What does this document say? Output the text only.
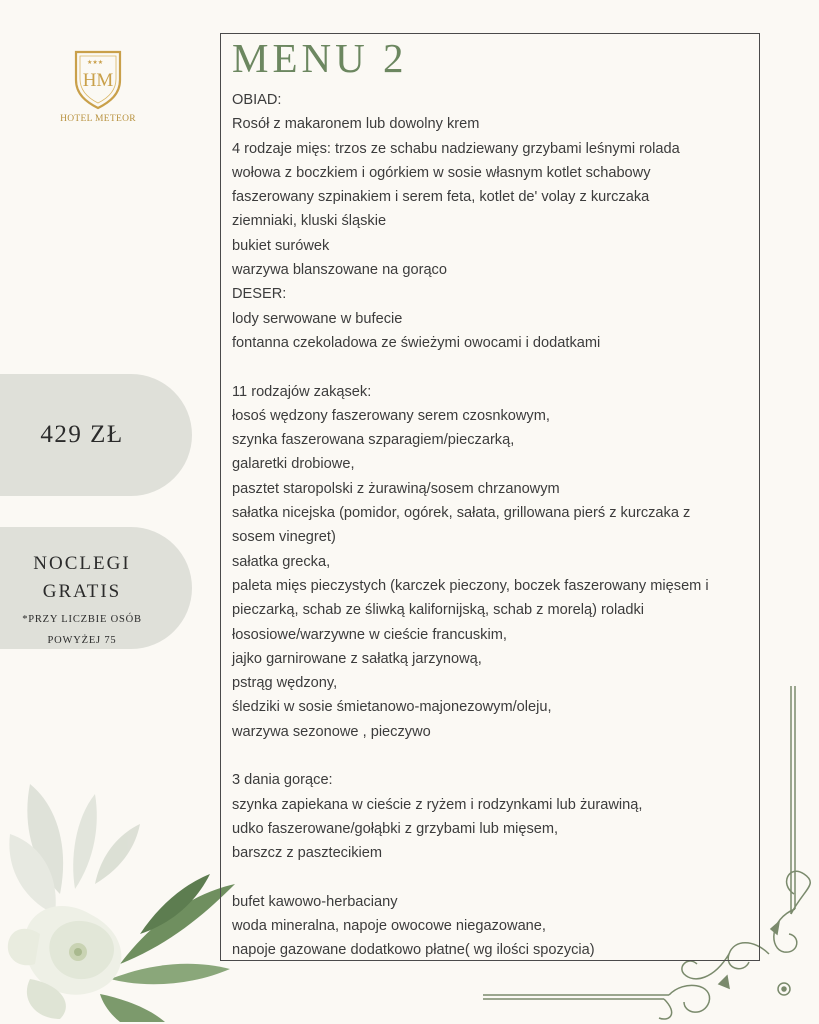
★★★
HM
HOTEL METEOR
MENU 2
OBIAD:
Rosół z makaronem lub dowolny krem
4 rodzaje mięs: trzos ze schabu nadziewany grzybami leśnymi rolada
wołowa z boczkiem i ogórkiem w sosie własnym kotlet schabowy
faszerowany szpinakiem i serem feta, kotlet de' volay z kurczaka
ziemniaki, kluski śląskie
bukiet surówek
warzywa blanszowane na gorąco
DESER:
lody serwowane w bufecie
fontanna czekoladowa ze świeżymi owocami i dodatkami
11 rodzajów zakąsek:
łosoś wędzony faszerowany serem czosnkowym,
szynka faszerowana szparagiem/pieczarką,
galaretki drobiowe,
pasztet staropolski z żurawiną/sosem chrzanowym
sałatka nicejska (pomidor, ogórek, sałata, grillowana pierś z kurczaka z
sosem vinegret)
sałatka grecka,
paleta mięs pieczystych (karczek pieczony, boczek faszerowany mięsem i
pieczarką, schab ze śliwką kalifornijską, schab z morelą) roladki
łososiowe/warzywne w cieście francuskim,
jajko garnirowane z sałatką jarzynową,
pstrąg wędzony,
śledziki w sosie śmietanowo-majonezowym/oleju,
warzywa sezonowe , pieczywo
3 dania gorące:
szynka zapiekana w cieście z ryżem i rodzynkami lub żurawiną,
udko faszerowane/gołąbki z grzybami lub mięsem,
barszcz z pasztecikiem
bufet kawowo-herbaciany
woda mineralna, napoje owocowe niegazowane,
napoje gazowane dodatkowo płatne( wg ilości spozycia)
429 ZŁ
NOCLEGI
GRATIS
*PRZY LICZBIE OSÓB
POWYŻEJ 75
